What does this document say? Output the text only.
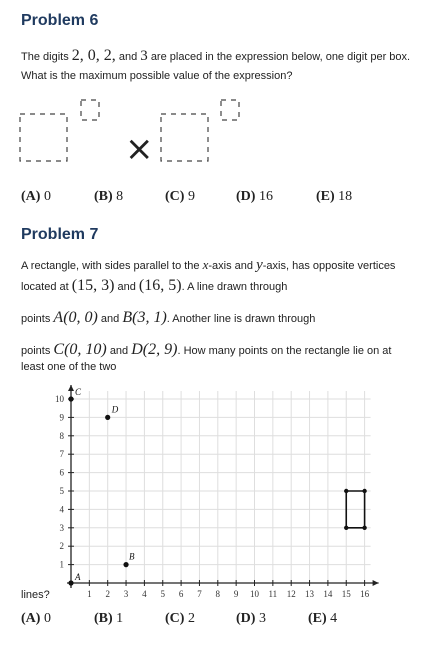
Problem 6
The digits 2, 0, 2, and 3 are placed in the expression below, one digit per box.
What is the maximum possible value of the expression?
×
(A) 0	(B) 8	(C) 9	(D) 16	(E) 18
Problem 7
A rectangle, with sides parallel to the x-axis and y-axis, has opposite vertices
located at (15, 3) and (16, 5). A line drawn through
points A(0, 0) and B(3, 1). Another line is drawn through
points C(0, 10) and D(2, 9). How many points on the rectangle lie on at
least one of the two
1 2 3 4 5 6 7 8 9 10 11 12 13 14 15 16
1
2
3
4
5
6
7
8
9
10
A
B
C
D
lines?
(A) 0	(B) 1	(C) 2	(D) 3	(E) 4
